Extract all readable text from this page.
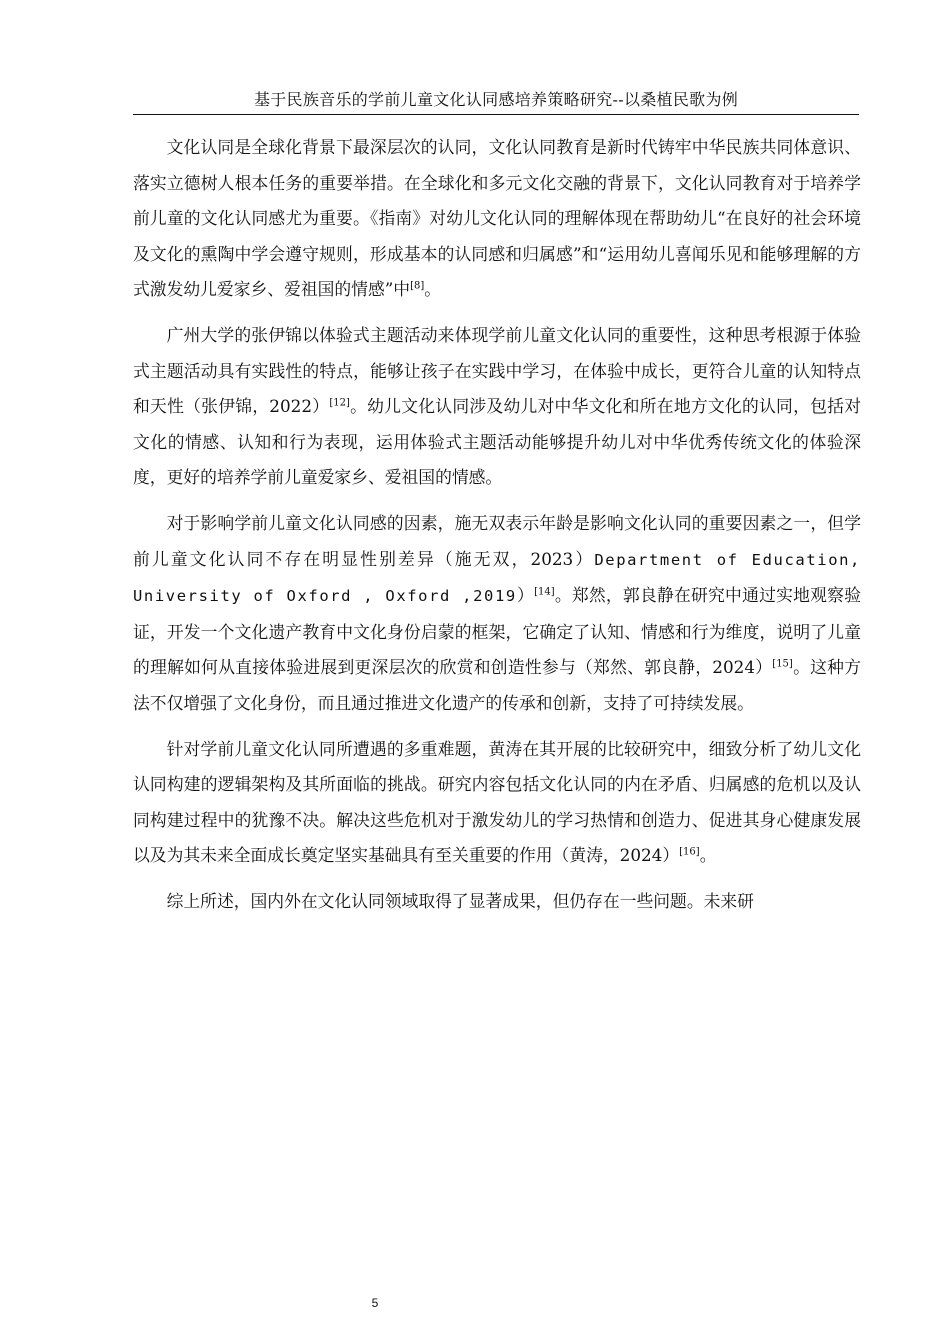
基于民族音乐的学前儿童文化认同感培养策略研究--以桑植民歌为例

文化认同是全球化背景下最深层次的认同，文化认同教育是新时代铸牢中华民族共同体意识、落实立德树人根本任务的重要举措。在全球化和多元文化交融的背景下，文化认同教育对于培养学前儿童的文化认同感尤为重要。《指南》对幼儿文化认同的理解体现在帮助幼儿“在良好的社会环境及文化的熏陶中学会遵守规则，形成基本的认同感和归属感”和“运用幼儿喜闻乐见和能够理解的方式激发幼儿爱家乡、爱祖国的情感”中[8]。

广州大学的张伊锦以体验式主题活动来体现学前儿童文化认同的重要性，这种思考根源于体验式主题活动具有实践性的特点，能够让孩子在实践中学习，在体验中成长，更符合儿童的认知特点和天性（张伊锦，2022）[12]。幼儿文化认同涉及幼儿对中华文化和所在地方文化的认同，包括对文化的情感、认知和行为表现，运用体验式主题活动能够提升幼儿对中华优秀传统文化的体验深度，更好的培养学前儿童爱家乡、爱祖国的情感。

对于影响学前儿童文化认同感的因素，施无双表示年龄是影响文化认同的重要因素之一，但学前儿童文化认同不存在明显性别差异（施无双，2023）Department of Education, University of Oxford , Oxford ,2019）[14]。郑然，郭良静在研究中通过实地观察验证，开发一个文化遗产教育中文化身份启蒙的框架，它确定了认知、情感和行为维度，说明了儿童的理解如何从直接体验进展到更深层次的欣赏和创造性参与（郑然、郭良静，2024）[15]。这种方法不仅增强了文化身份，而且通过推进文化遗产的传承和创新，支持了可持续发展。

针对学前儿童文化认同所遭遇的多重难题，黄涛在其开展的比较研究中，细致分析了幼儿文化认同构建的逻辑架构及其所面临的挑战。研究内容包括文化认同的内在矛盾、归属感的危机以及认同构建过程中的犹豫不决。解决这些危机对于激发幼儿的学习热情和创造力、促进其身心健康发展以及为其未来全面成长奠定坚实基础具有至关重要的作用（黄涛，2024）[16]。

综上所述，国内外在文化认同领域取得了显著成果，但仍存在一些问题。未来研

5
